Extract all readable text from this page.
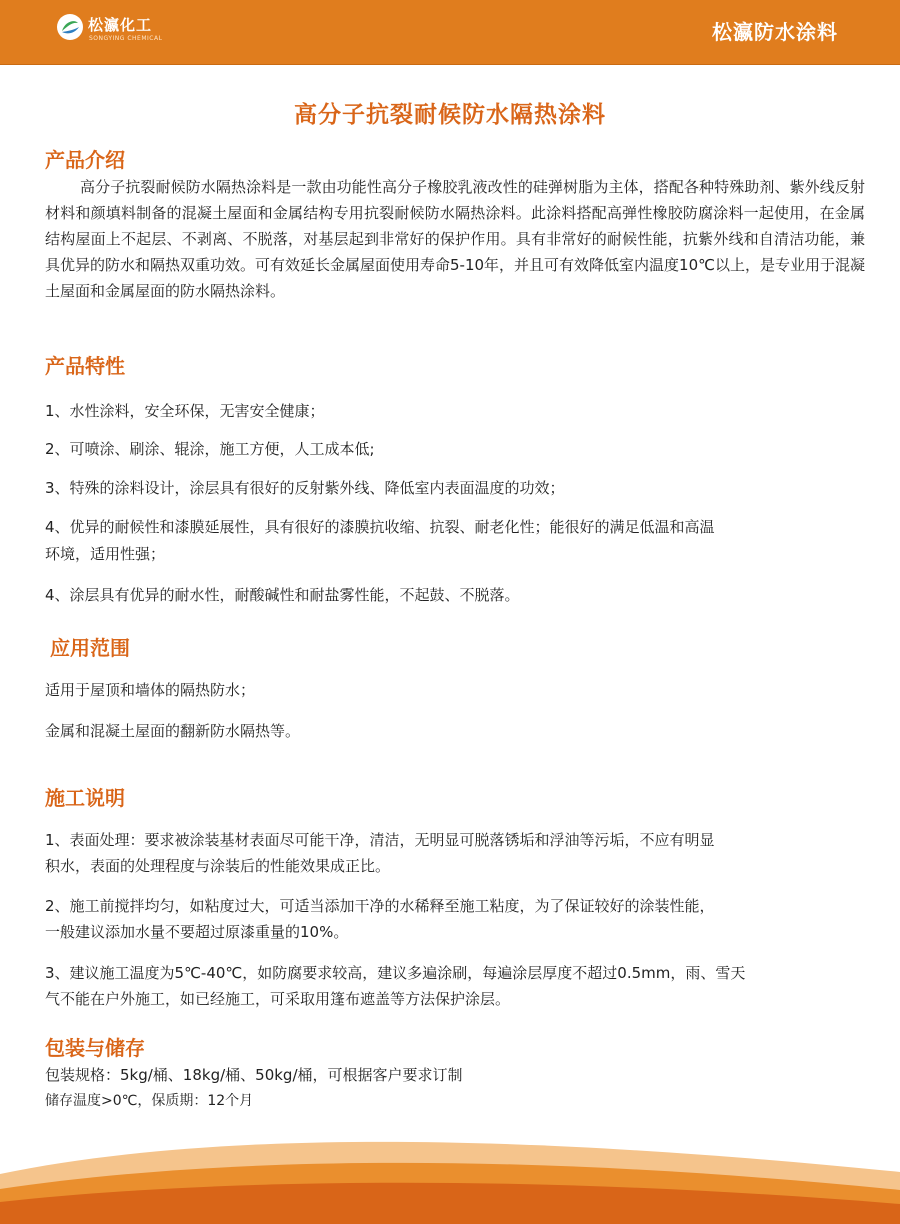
松瀛化工
SONGYING CHEMICAL	松瀛防水涂料
高分子抗裂耐候防水隔热涂料
产品介绍
高分子抗裂耐候防水隔热涂料是一款由功能性高分子橡胶乳液改性的硅弹树脂为主体，搭配各种特殊助剂、紫外线反射材料和颜填料制备的混凝土屋面和金属结构专用抗裂耐候防水隔热涂料。此涂料搭配高弹性橡胶防腐涂料一起使用，在金属结构屋面上不起层、不剥离、不脱落，对基层起到非常好的保护作用。具有非常好的耐候性能，抗紫外线和自清洁功能，兼具优异的防水和隔热双重功效。可有效延长金属屋面使用寿命5-10年，并且可有效降低室内温度10℃以上，是专业用于混凝土屋面和金属屋面的防水隔热涂料。
产品特性
1、水性涂料，安全环保，无害安全健康；
2、可喷涂、刷涂、辊涂，施工方便，人工成本低;
3、特殊的涂料设计，涂层具有很好的反射紫外线、降低室内表面温度的功效；
4、优异的耐候性和漆膜延展性，具有很好的漆膜抗收缩、抗裂、耐老化性；能很好的满足低温和高温
环境，适用性强；
4、涂层具有优异的耐水性，耐酸碱性和耐盐雾性能，不起鼓、不脱落。
应用范围
适用于屋顶和墙体的隔热防水；
金属和混凝土屋面的翻新防水隔热等。
施工说明
1、表面处理：要求被涂装基材表面尽可能干净，清洁，无明显可脱落锈垢和浮油等污垢，不应有明显
积水，表面的处理程度与涂装后的性能效果成正比。
2、施工前搅拌均匀，如粘度过大，可适当添加干净的水稀释至施工粘度，为了保证较好的涂装性能，
一般建议添加水量不要超过原漆重量的10%。
3、建议施工温度为5℃-40℃，如防腐要求较高，建议多遍涂刷，每遍涂层厚度不超过0.5mm，雨、雪天
气不能在户外施工，如已经施工，可采取用篷布遮盖等方法保护涂层。
包装与储存
包装规格：5kg/桶、18kg/桶、50kg/桶，可根据客户要求订制
储存温度>0℃，保质期：12个月
